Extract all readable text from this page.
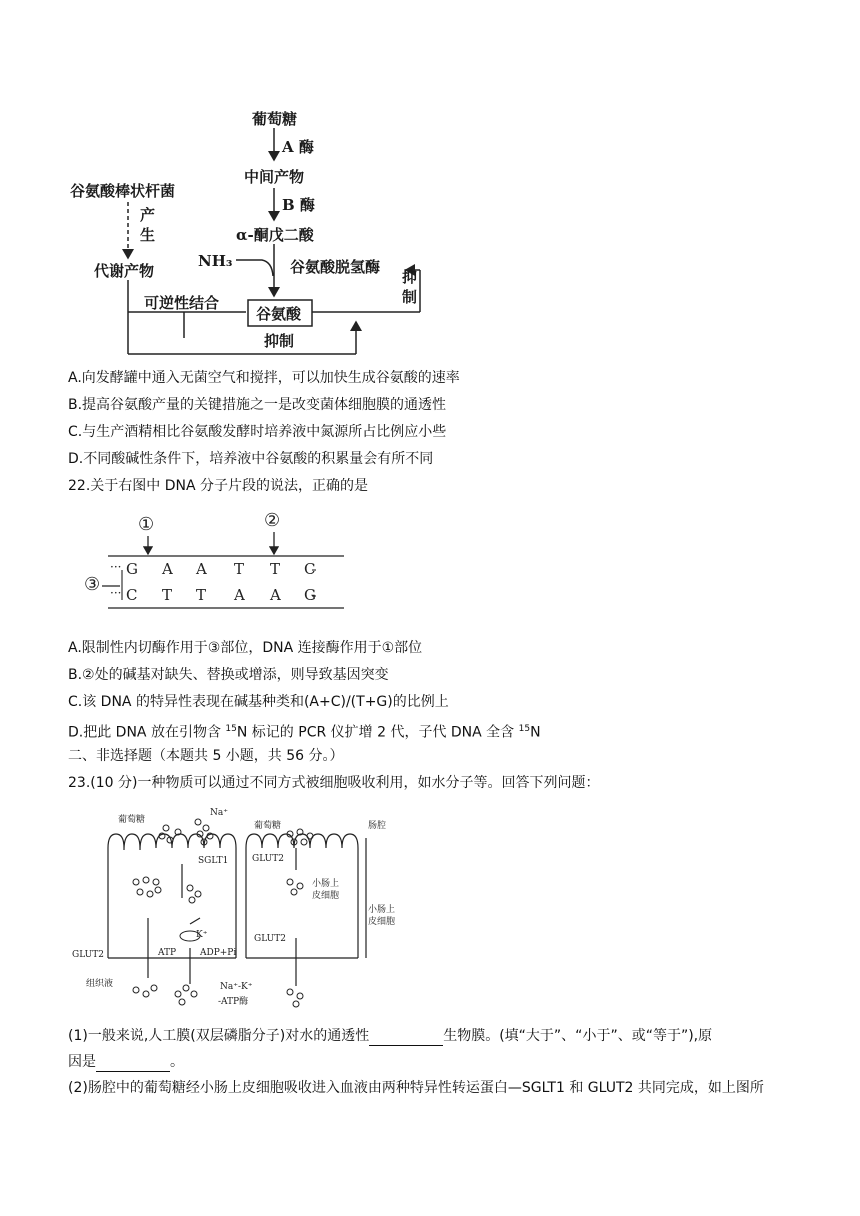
葡萄糖
A 酶
中间产物
B 酶
α-酮戊二酸
谷氨酸棒状杆菌
产
生
代谢产物
NH₃	谷氨酸脱氢酶
抑
制
可逆性结合
谷氨酸
抑制
A.向发酵罐中通入无菌空气和搅拌，可以加快生成谷氨酸的速率
B.提高谷氨酸产量的关键措施之一是改变菌体细胞膜的通透性
C.与生产酒精相比谷氨酸发酵时培养液中氮源所占比例应小些
D.不同酸碱性条件下，培养液中谷氨酸的积累量会有所不同
22.关于右图中 DNA 分子片段的说法，正确的是
①	②
③
···
···
G A A T T C
C T T A A G
A.限制性内切酶作用于③部位，DNA 连接酶作用于①部位
B.②处的碱基对缺失、替换或增添，则导致基因突变
C.该 DNA 的特异性表现在碱基种类和(A+C)/(T+G)的比例上
D.把此 DNA 放在引物含 $^{15}$N 标记的 PCR 仪扩增 2 代，子代 DNA 全含 $^{15}$N
二、非选择题（本题共 5 小题，共 56 分。）
23.(10 分)一种物质可以通过不同方式被细胞吸收利用，如水分子等。回答下列问题：
葡萄糖
Na⁺
葡萄糖	肠腔
SGLT1	GLUT2
小肠上
皮细胞
小肠上
皮细胞
GLUT2
K⁺
ATP	ADP+Pi
GLUT2
组织液	Na⁺-K⁺
-ATP酶
(1)一般来说,人工膜(双层磷脂分子)对水的通透性	生物膜。(填“大于”、“小于”、或“等于”),原
因是	。
(2)肠腔中的葡萄糖经小肠上皮细胞吸收进入血液由两种特异性转运蛋白—SGLT1 和 GLUT2 共同完成，如上图所
